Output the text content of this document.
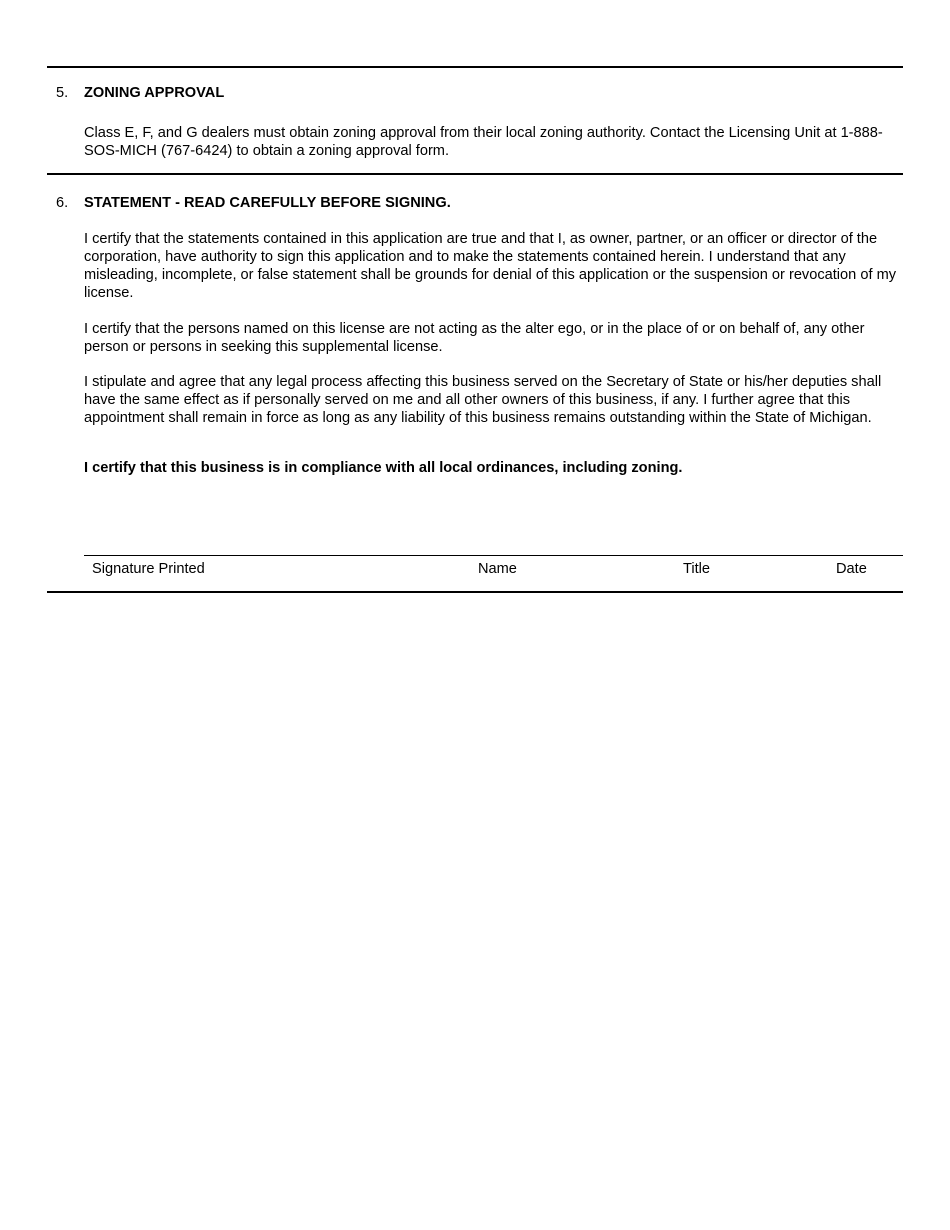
5. ZONING APPROVAL

Class E, F, and G dealers must obtain zoning approval from their local zoning authority. Contact the Licensing Unit at 1-888-SOS-MICH (767-6424) to obtain a zoning approval form.

6. STATEMENT - READ CAREFULLY BEFORE SIGNING.

I certify that the statements contained in this application are true and that I, as owner, partner, or an officer or director of the corporation, have authority to sign this application and to make the statements contained herein. I understand that any misleading, incomplete, or false statement shall be grounds for denial of this application or the suspension or revocation of my license.

I certify that the persons named on this license are not acting as the alter ego, or in the place of or on behalf of, any other person or persons in seeking this supplemental license.

I stipulate and agree that any legal process affecting this business served on the Secretary of State or his/her deputies shall have the same effect as if personally served on me and all other owners of this business, if any. I further agree that this appointment shall remain in force as long as any liability of this business remains outstanding within the State of Michigan.

I certify that this business is in compliance with all local ordinances, including zoning.

Signature Printed	Name	Title	Date
